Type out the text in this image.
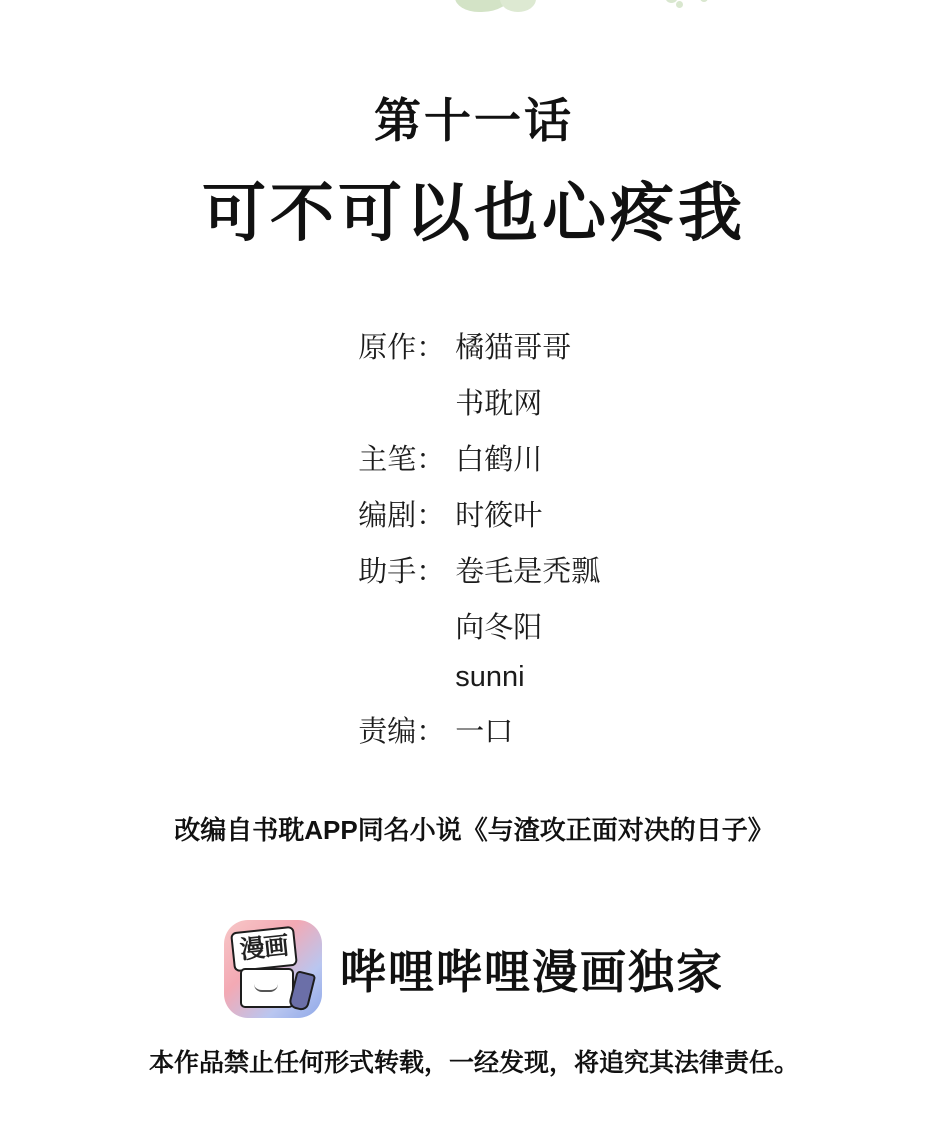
第十一话
可不可以也心疼我
原作： 橘猫哥哥
书耽网
主笔： 白鹤川
编剧： 时筱叶
助手： 卷毛是秃瓢
向冬阳
sunni
责编： 一口
改编自书耽APP同名小说《与渣攻正面对决的日子》
漫画 哔哩哔哩漫画独家
本作品禁止任何形式转载，一经发现，将追究其法律责任。
